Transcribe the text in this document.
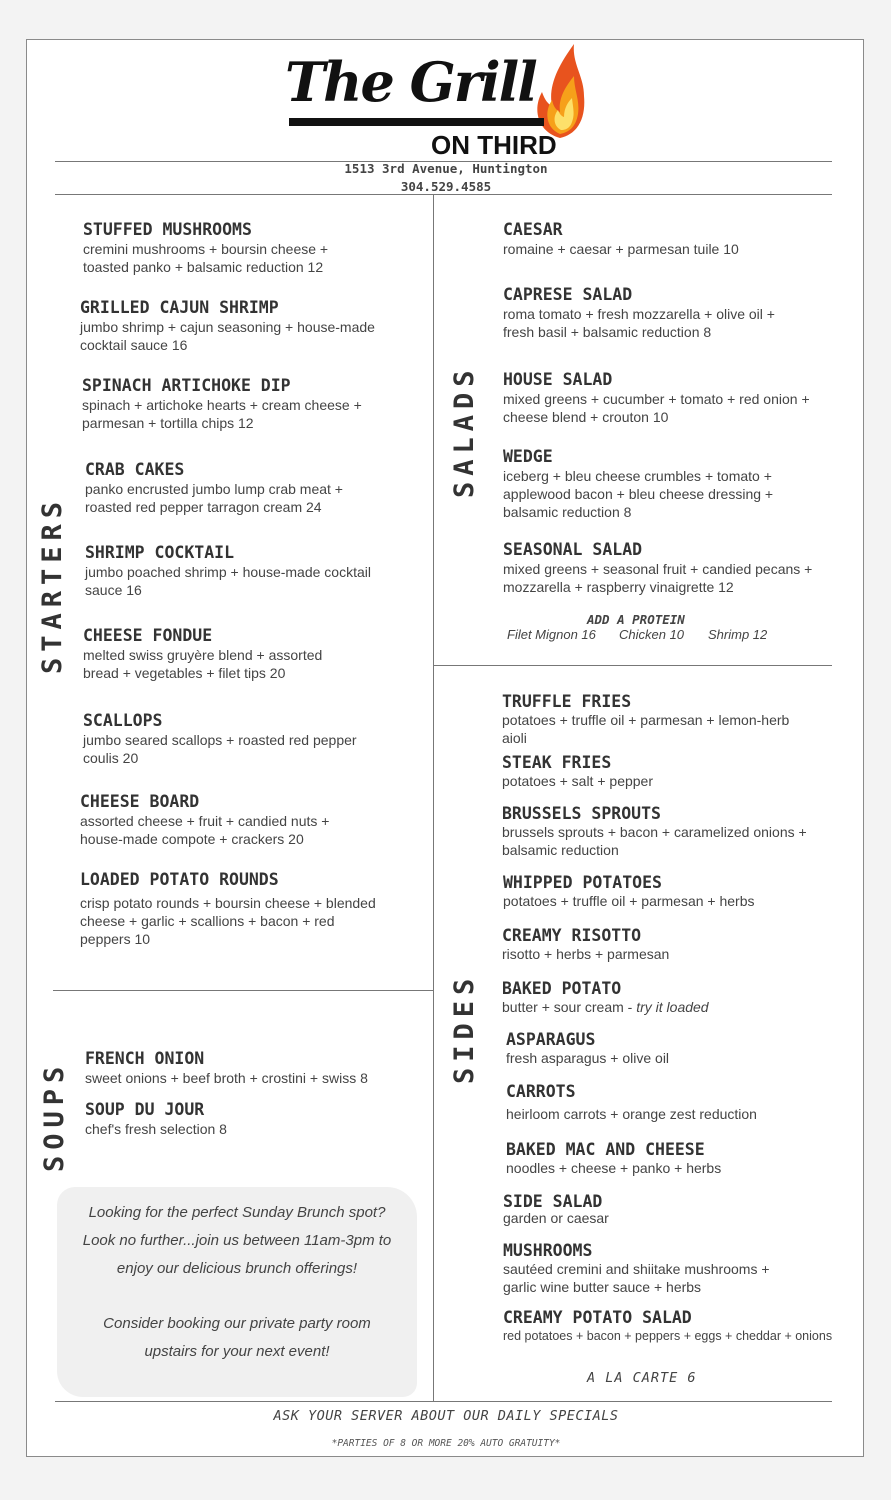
The Grill
ON THIRD
1513 3rd Avenue, Huntington
304.529.4585
STARTERS
SALADS
SOUPS
SIDES
STUFFED MUSHROOMS
cremini mushrooms + boursin cheese +
toasted panko + balsamic reduction 12
GRILLED CAJUN SHRIMP
jumbo shrimp + cajun seasoning + house-made
cocktail sauce 16
SPINACH ARTICHOKE DIP
spinach + artichoke hearts + cream cheese +
parmesan + tortilla chips 12
CRAB CAKES
panko encrusted jumbo lump crab meat +
roasted red pepper tarragon cream 24
SHRIMP COCKTAIL
jumbo poached shrimp + house-made cocktail
sauce 16
CHEESE FONDUE
melted swiss gruyère blend + assorted
bread + vegetables + filet tips 20
SCALLOPS
jumbo seared scallops + roasted red pepper
coulis 20
CHEESE BOARD
assorted cheese + fruit + candied nuts +
house-made compote + crackers 20
LOADED POTATO ROUNDS
crisp potato rounds + boursin cheese + blended
cheese + garlic + scallions + bacon + red
peppers 10
FRENCH ONION
sweet onions + beef broth + crostini + swiss 8
SOUP DU JOUR
chef's fresh selection 8
Looking for the perfect Sunday Brunch spot?
Look no further...join us between 11am-3pm to
enjoy our delicious brunch offerings!
Consider booking our private party room
upstairs for your next event!
CAESAR
romaine + caesar + parmesan tuile 10
CAPRESE SALAD
roma tomato + fresh mozzarella + olive oil +
fresh basil + balsamic reduction 8
HOUSE SALAD
mixed greens + cucumber + tomato + red onion +
cheese blend + crouton 10
WEDGE
iceberg + bleu cheese crumbles + tomato +
applewood bacon + bleu cheese dressing +
balsamic reduction 8
SEASONAL SALAD
mixed greens + seasonal fruit + candied pecans +
mozzarella + raspberry vinaigrette 12
ADD A PROTEIN
Filet Mignon 16 Chicken 10 Shrimp 12
TRUFFLE FRIES
potatoes + truffle oil + parmesan + lemon-herb
aioli
STEAK FRIES
potatoes + salt + pepper
BRUSSELS SPROUTS
brussels sprouts + bacon + caramelized onions +
balsamic reduction
WHIPPED POTATOES
potatoes + truffle oil + parmesan + herbs
CREAMY RISOTTO
risotto + herbs + parmesan
BAKED POTATO
butter + sour cream - try it loaded
ASPARAGUS
fresh asparagus + olive oil
CARROTS
heirloom carrots + orange zest reduction
BAKED MAC AND CHEESE
noodles + cheese + panko + herbs
SIDE SALAD
garden or caesar
MUSHROOMS
sautéed cremini and shiitake mushrooms +
garlic wine butter sauce + herbs
CREAMY POTATO SALAD
red potatoes + bacon + peppers + eggs + cheddar + onions
A LA CARTE 6
ASK YOUR SERVER ABOUT OUR DAILY SPECIALS
*PARTIES OF 8 OR MORE 20% AUTO GRATUITY*
